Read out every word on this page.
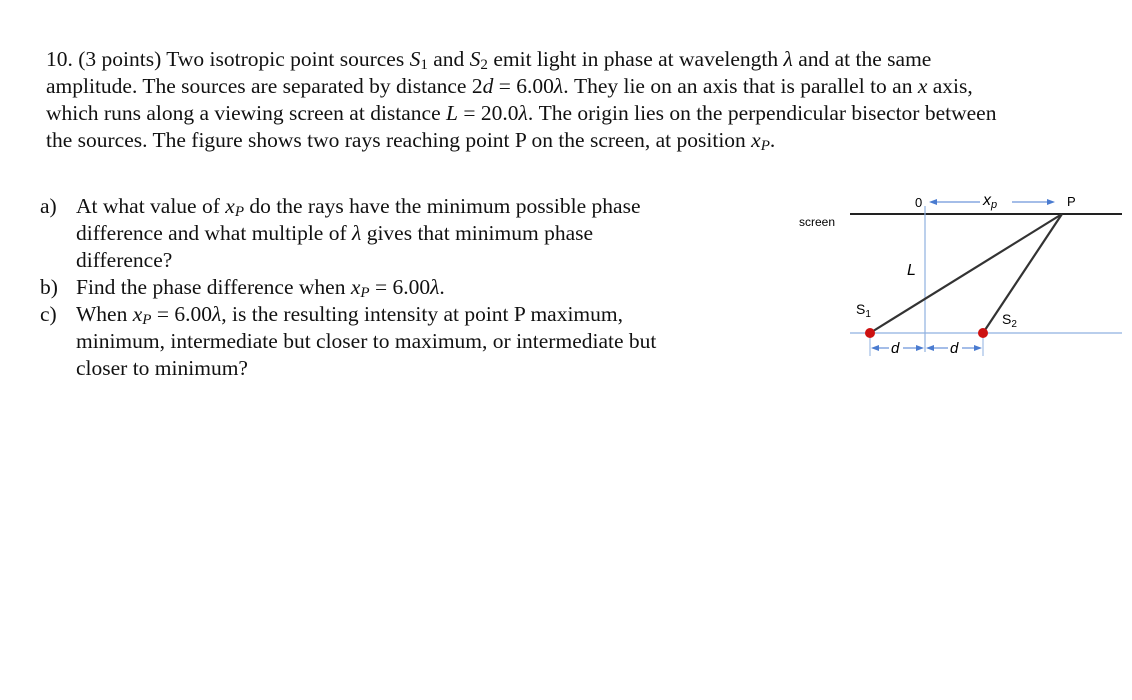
10. (3 points) Two isotropic point sources $S_1$ and $S_2$ emit light in phase at wavelength λ and at the same

amplitude. The sources are separated by distance 2d = 6.00λ. They lie on an axis that is parallel to an x axis,

which runs along a viewing screen at distance L = 20.0λ. The origin lies on the perpendicular bisector between

the sources. The figure shows two rays reaching point P on the screen, at position $x_P$.

a) At what value of $x_P$ do the rays have the minimum possible phase
difference and what multiple of λ gives that minimum phase
difference?
b) Find the phase difference when $x_P = 6.00\lambda$.
c) When $x_P = 6.00\lambda$, is the resulting intensity at point P maximum,
minimum, intermediate but closer to maximum, or intermediate but
closer to minimum?
screen
0	xp	P
L
d	d
$S_1$	$S_2$
